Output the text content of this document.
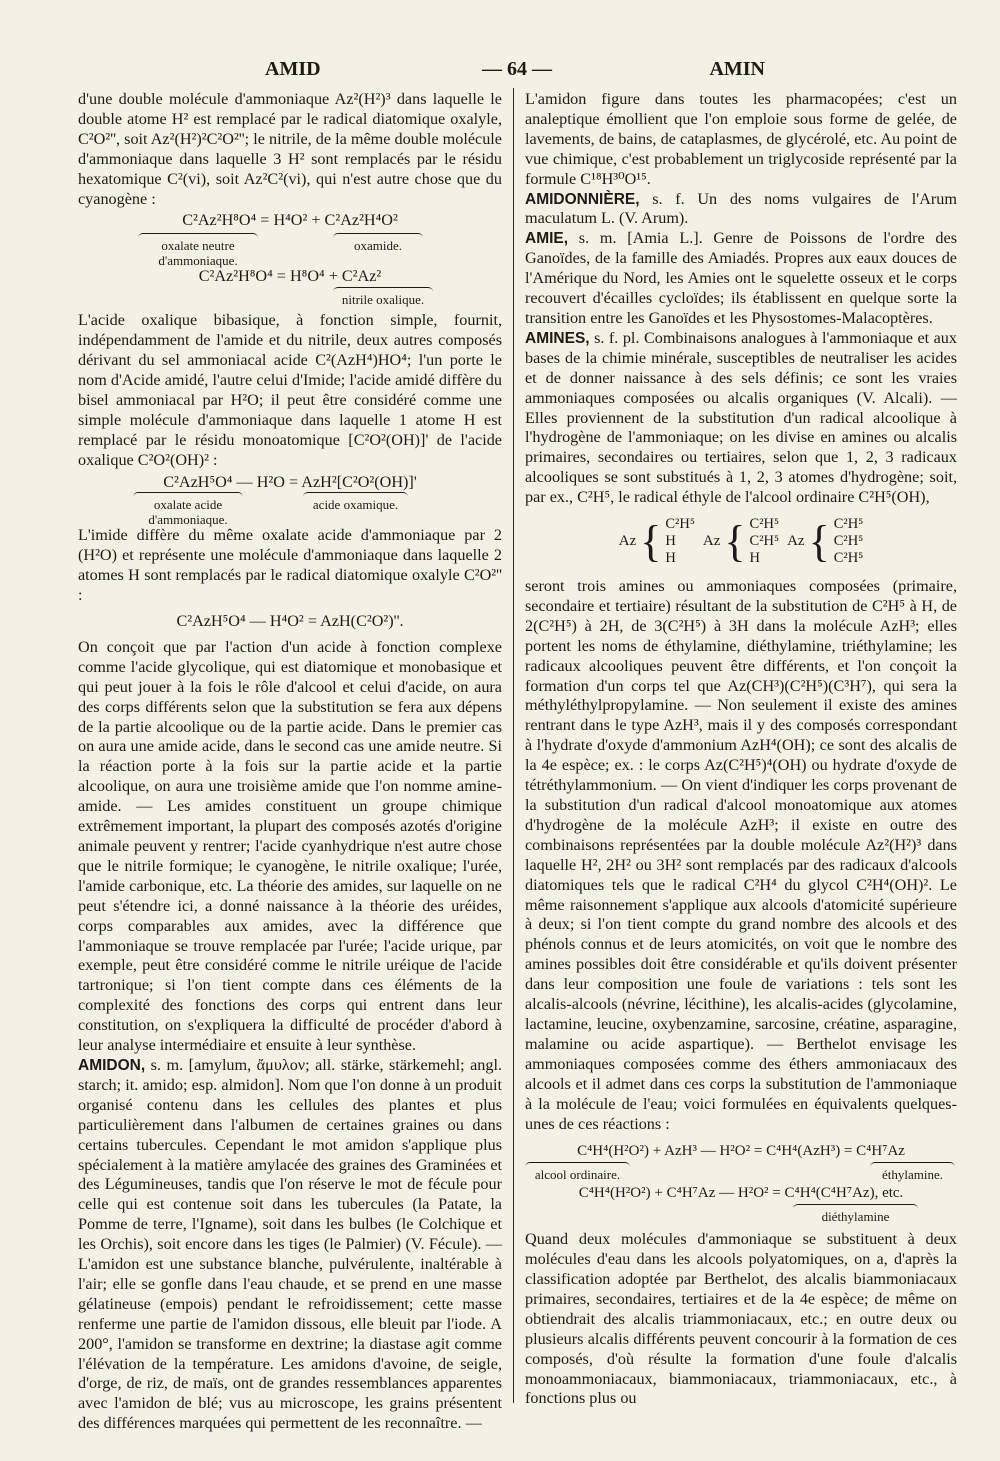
AMID	— 64 —	AMIN

d'une double molécule d'ammoniaque Az²(H²)³ dans laquelle le double atome H² est remplacé par le radical diatomique oxalyle, C²O²'', soit Az²(H²)²C²O²''; le nitrile, de la même double molécule d'ammoniaque dans laquelle 3 H² sont remplacés par le résidu hexatomique C²(vi), soit Az²C²(vi), qui n'est autre chose que du cyanogène :

C²Az²H⁸O⁴ = H⁴O² + C²Az²H⁴O²
oxalate neutre d'ammoniaque.
oxamide.
C²Az²H⁸O⁴ = H⁸O⁴ + C²Az²
nitrile oxalique.

L'acide oxalique bibasique, à fonction simple, fournit, indépendamment de l'amide et du nitrile, deux autres composés dérivant du sel ammoniacal acide C²(AzH⁴)HO⁴; l'un porte le nom d'Acide amidé, l'autre celui d'Imide; l'acide amidé diffère du bisel ammoniacal par H²O; il peut être considéré comme une simple molécule d'ammoniaque dans laquelle 1 atome H est remplacé par le résidu monoatomique [C²O²(OH)]' de l'acide oxalique C²O²(OH)² :

C²AzH⁵O⁴ — H²O = AzH²[C²O²(OH)]'
oxalate acide d'ammoniaque.
acide oxamique.

L'imide diffère du même oxalate acide d'ammoniaque par 2 (H²O) et représente une molécule d'ammoniaque dans laquelle 2 atomes H sont remplacés par le radical diatomique oxalyle C²O²'' :

C²AzH⁵O⁴ — H⁴O² = AzH(C²O²)''.

On conçoit que par l'action d'un acide à fonction complexe comme l'acide glycolique, qui est diatomique et monobasique et qui peut jouer à la fois le rôle d'alcool et celui d'acide, on aura des corps différents selon que la substitution se fera aux dépens de la partie alcoolique ou de la partie acide. Dans le premier cas on aura une amide acide, dans le second cas une amide neutre. Si la réaction porte à la fois sur la partie acide et la partie alcoolique, on aura une troisième amide que l'on nomme amine-amide. — Les amides constituent un groupe chimique extrêmement important, la plupart des composés azotés d'origine animale peuvent y rentrer; l'acide cyanhydrique n'est autre chose que le nitrile formique; le cyanogène, le nitrile oxalique; l'urée, l'amide carbonique, etc. La théorie des amides, sur laquelle on ne peut s'étendre ici, a donné naissance à la théorie des uréides, corps comparables aux amides, avec la différence que l'ammoniaque se trouve remplacée par l'urée; l'acide urique, par exemple, peut être considéré comme le nitrile uréique de l'acide tartronique; si l'on tient compte dans ces éléments de la complexité des fonctions des corps qui entrent dans leur constitution, on s'expliquera la difficulté de procéder d'abord à leur analyse intermédiaire et ensuite à leur synthèse.

AMIDON, s. m. [amylum, ἄμυλον; all. stärke, stärkemehl; angl. starch; it. amido; esp. almidon]. Nom que l'on donne à un produit organisé contenu dans les cellules des plantes et plus particulièrement dans l'albumen de certaines graines ou dans certains tubercules. Cependant le mot amidon s'applique plus spécialement à la matière amylacée des graines des Graminées et des Légumineuses, tandis que l'on réserve le mot de fécule pour celle qui est contenue soit dans les tubercules (la Patate, la Pomme de terre, l'Igname), soit dans les bulbes (le Colchique et les Orchis), soit encore dans les tiges (le Palmier) (V. Fécule). — L'amidon est une substance blanche, pulvérulente, inaltérable à l'air; elle se gonfle dans l'eau chaude, et se prend en une masse gélatineuse (empois) pendant le refroidissement; cette masse renferme une partie de l'amidon dissous, elle bleuit par l'iode. A 200°, l'amidon se transforme en dextrine; la diastase agit comme l'élévation de la température. Les amidons d'avoine, de seigle, d'orge, de riz, de maïs, ont de grandes ressemblances apparentes avec l'amidon de blé; vus au microscope, les grains présentent des différences marquées qui permettent de les reconnaître. —

L'amidon figure dans toutes les pharmacopées; c'est un analeptique émollient que l'on emploie sous forme de gelée, de lavements, de bains, de cataplasmes, de glycérolé, etc. Au point de vue chimique, c'est probablement un triglycoside représenté par la formule C¹⁸H³⁰O¹⁵.

AMIDONNIÈRE, s. f. Un des noms vulgaires de l'Arum maculatum L. (V. Arum).

AMIE, s. m. [Amia L.]. Genre de Poissons de l'ordre des Ganoïdes, de la famille des Amiadés. Propres aux eaux douces de l'Amérique du Nord, les Amies ont le squelette osseux et le corps recouvert d'écailles cycloïdes; ils établissent en quelque sorte la transition entre les Ganoïdes et les Physostomes-Malacoptères.

AMINES, s. f. pl. Combinaisons analogues à l'ammoniaque et aux bases de la chimie minérale, susceptibles de neutraliser les acides et de donner naissance à des sels définis; ce sont les vraies ammoniaques composées ou alcalis organiques (V. Alcali). — Elles proviennent de la substitution d'un radical alcoolique à l'hydrogène de l'ammoniaque; on les divise en amines ou alcalis primaires, secondaires ou tertiaires, selon que 1, 2, 3 radicaux alcooliques se sont substitués à 1, 2, 3 atomes d'hydrogène; soit, par ex., C²H⁵, le radical éthyle de l'alcool ordinaire C²H⁵(OH),

Az { C²H⁵
H
H
Az { C²H⁵
C²H⁵
H
Az { C²H⁵
C²H⁵
C²H⁵

seront trois amines ou ammoniaques composées (primaire, secondaire et tertiaire) résultant de la substitution de C²H⁵ à H, de 2(C²H⁵) à 2H, de 3(C²H⁵) à 3H dans la molécule AzH³; elles portent les noms de éthylamine, diéthylamine, triéthylamine; les radicaux alcooliques peuvent être différents, et l'on conçoit la formation d'un corps tel que Az(CH³)(C²H⁵)(C³H⁷), qui sera la méthyléthylpropylamine. — Non seulement il existe des amines rentrant dans le type AzH³, mais il y des composés correspondant à l'hydrate d'oxyde d'ammonium AzH⁴(OH); ce sont des alcalis de la 4e espèce; ex. : le corps Az(C²H⁵)⁴(OH) ou hydrate d'oxyde de tétréthylammonium. — On vient d'indiquer les corps provenant de la substitution d'un radical d'alcool monoatomique aux atomes d'hydrogène de la molécule AzH³; il existe en outre des combinaisons représentées par la double molécule Az²(H²)³ dans laquelle H², 2H² ou 3H² sont remplacés par des radicaux d'alcools diatomiques tels que le radical C²H⁴ du glycol C²H⁴(OH)². Le même raisonnement s'applique aux alcools d'atomicité supérieure à deux; si l'on tient compte du grand nombre des alcools et des phénols connus et de leurs atomicités, on voit que le nombre des amines possibles doit être considérable et qu'ils doivent présenter dans leur composition une foule de variations : tels sont les alcalis-alcools (névrine, lécithine), les alcalis-acides (glycolamine, lactamine, leucine, oxybenzamine, sarcosine, créatine, asparagine, malamine ou acide aspartique). — Berthelot envisage les ammoniaques composées comme des éthers ammoniacaux des alcools et il admet dans ces corps la substitution de l'ammoniaque à la molécule de l'eau; voici formulées en équivalents quelques-unes de ces réactions :

C⁴H⁴(H²O²) + AzH³ — H²O² = C⁴H⁴(AzH³) = C⁴H⁷Az
alcool ordinaire.	éthylamine.
C⁴H⁴(H²O²) + C⁴H⁷Az — H²O² = C⁴H⁴(C⁴H⁷Az), etc.
diéthylamine

Quand deux molécules d'ammoniaque se substituent à deux molécules d'eau dans les alcools polyatomiques, on a, d'après la classification adoptée par Berthelot, des alcalis biammoniacaux primaires, secondaires, tertiaires et de la 4e espèce; de même on obtiendrait des alcalis triammoniacaux, etc.; en outre deux ou plusieurs alcalis différents peuvent concourir à la formation de ces composés, d'où résulte la formation d'une foule d'alcalis monoammoniacaux, biammoniacaux, triammoniacaux, etc., à fonctions plus ou
